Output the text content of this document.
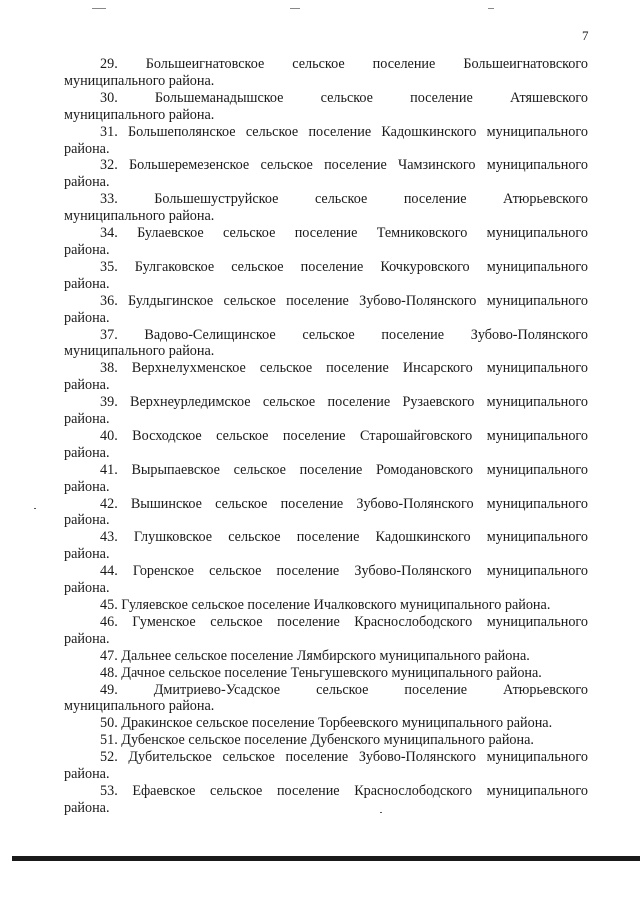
7
29. Большеигнатовское сельское поселение Большеигнатовского
муниципального района.
30.	Большеманадышское	сельское	поселение	Атяшевского
муниципального района.
31. Большеполянское сельское поселение Кадошкинского муниципального
района.
32. Большеремезенское сельское поселение Чамзинского муниципального
района.
33.	Большешуструйское	сельское	поселение	Атюрьевского
муниципального района.
34. Булаевское сельское поселение Темниковского муниципального
района.
35. Булгаковское сельское поселение Кочкуровского муниципального
района.
36. Булдыгинское сельское поселение Зубово-Полянского муниципального
района.
37. Вадово-Селищинское сельское поселение Зубово-Полянского
муниципального района.
38. Верхнелухменское сельское поселение Инсарского муниципального
района.
39. Верхнеурледимское сельское поселение Рузаевского муниципального
района.
40. Восходское сельское поселение Старошайговского муниципального
района.
41. Вырыпаевское сельское поселение Ромодановского муниципального
района.
42. Вышинское сельское поселение Зубово-Полянского муниципального
района.
43. Глушковское сельское поселение Кадошкинского муниципального
района.
44. Горенское сельское поселение Зубово-Полянского муниципального
района.
45. Гуляевское сельское поселение Ичалковского муниципального района.
46. Гуменское сельское поселение Краснослободского муниципального
района.
47. Дальнее сельское поселение Лямбирского муниципального района.
48. Дачное сельское поселение Теньгушевского муниципального района.
49.	Дмитриево-Усадское	сельское	поселение	Атюрьевского
муниципального района.
50. Дракинское сельское поселение Торбеевского муниципального района.
51. Дубенское сельское поселение Дубенского муниципального района.
52. Дубительское сельское поселение Зубово-Полянского муниципального
района.
53. Ефаевское сельское поселение Краснослободского муниципального
района.
